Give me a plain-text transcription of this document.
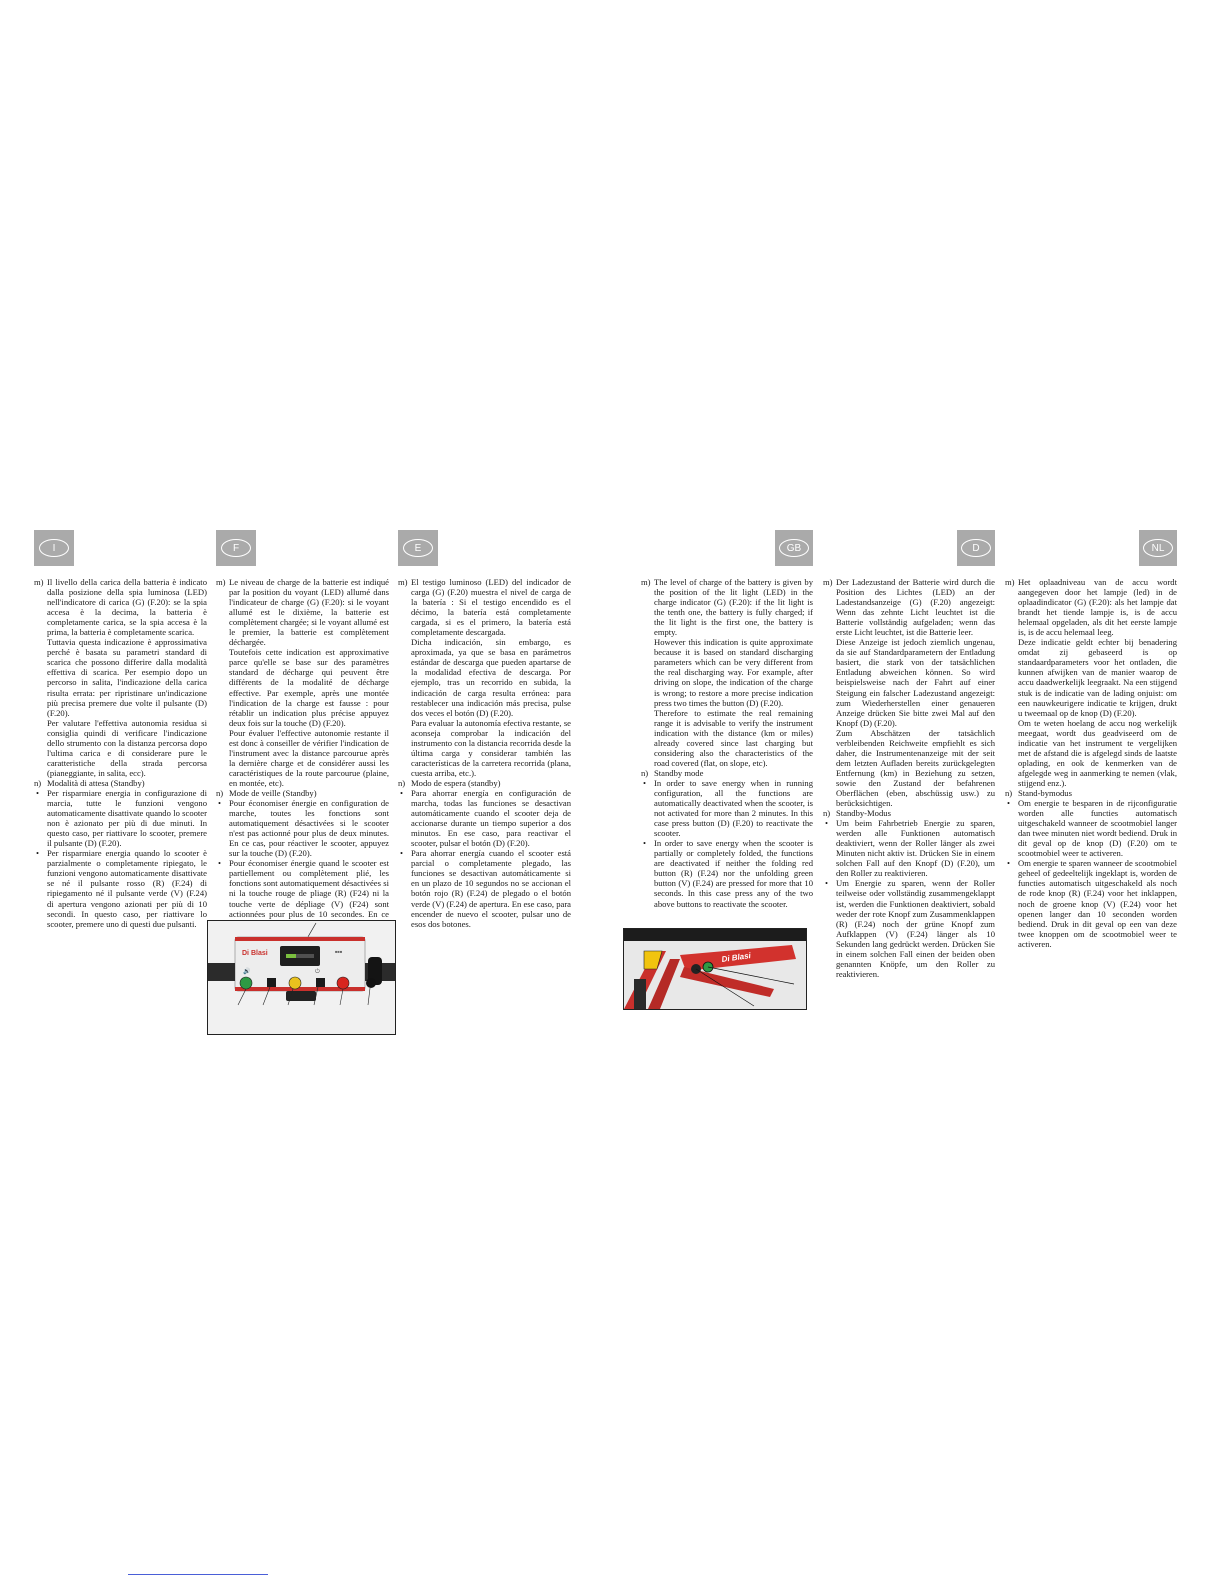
I	F	E	GB	D	NL

m) Il livello della carica della batteria è indicato dalla posizione della spia luminosa (LED) nell'indicatore di carica (G) (F.20): se la spia accesa è la decima, la batteria è completamente carica, se la spia accesa è la prima, la batteria è completamente scarica.

Tuttavia questa indicazione è approssimativa perché è basata su parametri standard di scarica che possono differire dalla modalità effettiva di scarica. Per esempio dopo un percorso in salita, l'indicazione della carica risulta errata: per ripristinare un'indicazione più precisa premere due volte il pulsante (D) (F.20).

Per valutare l'effettiva autonomia residua si consiglia quindi di verificare l'indicazione dello strumento con la distanza percorsa dopo l'ultima carica e di considerare pure le caratteristiche della strada percorsa (pianeggiante, in salita, ecc).

n) Modalità di attesa (Standby)

• Per risparmiare energia in configurazione di marcia, tutte le funzioni vengono automaticamente disattivate quando lo scooter non è azionato per più di due minuti. In questo caso, per riattivare lo scooter, premere il pulsante (D) (F.20).

• Per risparmiare energia quando lo scooter è parzialmente o completamente ripiegato, le funzioni vengono automaticamente disattivate se né il pulsante rosso (R) (F.24) di ripiegamento né il pulsante verde (V) (F.24) di apertura vengono azionati per più di 10 secondi. In questo caso, per riattivare lo scooter, premere uno di questi due pulsanti.

m) Le niveau de charge de la batterie est indiqué par la position du voyant (LED) allumé dans l'indicateur de charge (G) (F.20): si le voyant allumé est le dixième, la batterie est complètement chargée; si le voyant allumé est le premier, la batterie est complètement déchargée.

Toutefois cette indication est approximative parce qu'elle se base sur des paramètres standard de décharge qui peuvent être différents de la modalité de décharge effective. Par exemple, après une montée l'indication de la charge est fausse : pour rétablir un indication plus précise appuyez deux fois sur la touche (D) (F.20).

Pour évaluer l'effective autonomie restante il est donc à conseiller de vérifier l'indication de l'instrument avec la distance parcourue après la dernière charge et de considérer aussi les caractéristiques de la route parcourue (plaine, en montée, etc).

n) Mode de veille (Standby)

• Pour économiser énergie en configuration de marche, toutes les fonctions sont automatiquement désactivées si le scooter n'est pas actionné pour plus de deux minutes. En ce cas, pour réactiver le scooter, appuyez sur la touche (D) (F.20).

• Pour économiser énergie quand le scooter est partiellement ou complètement plié, les fonctions sont automatiquement désactivées si ni la touche rouge de pliage (R) (F24) ni la touche verte de dépliage (V) (F24) sont actionnées pour plus de 10 secondes. En ce

m) El testigo luminoso (LED) del indicador de carga (G) (F.20) muestra el nivel de carga de la batería : Si el testigo encendido es el décimo, la batería está completamente cargada, si es el primero, la batería está completamente descargada.

Dicha indicación, sin embargo, es aproximada, ya que se basa en parámetros estándar de descarga que pueden apartarse de la modalidad efectiva de descarga. Por ejemplo, tras un recorrido en subida, la indicación de carga resulta errónea: para restablecer una indicación más precisa, pulse dos veces el botón (D) (F.20).

Para evaluar la autonomía efectiva restante, se aconseja comprobar la indicación del instrumento con la distancia recorrida desde la última carga y considerar también las características de la carretera recorrida (plana, cuesta arriba, etc.).

n) Modo de espera (standby)

• Para ahorrar energía en configuración de marcha, todas las funciones se desactivan automáticamente cuando el scooter deja de accionarse durante un tiempo superior a dos minutos. En ese caso, para reactivar el scooter, pulsar el botón (D) (F.20).

• Para ahorrar energía cuando el scooter está parcial o completamente plegado, las funciones se desactivan automáticamente si en un plazo de 10 segundos no se accionan el botón rojo (R) (F.24) de plegado o el botón verde (V) (F.24) de apertura. En ese caso, para encender de nuevo el scooter, pulsar uno de esos dos botones.

m) The level of charge of the battery is given by the position of the lit light (LED) in the charge indicator (G) (F.20): if the lit light is the tenth one, the battery is fully charged; if the lit light is the first one, the battery is empty.

However this indication is quite approximate because it is based on standard discharging parameters which can be very different from the real discharging way. For example, after driving on slope, the indication of the charge is wrong; to restore a more precise indication press two times the button (D) (F.20).

Therefore to estimate the real remaining range it is advisable to verify the instrument indication with the distance (km or miles) already covered since last charging but considering also the characteristics of the road covered (flat, on slope, etc).

n) Standby mode

• In order to save energy when in running configuration, all the functions are automatically deactivated when the scooter, is not activated for more than 2 minutes. In this case press button (D) (F.20) to reactivate the scooter.

• In order to save energy when the scooter is partially or completely folded, the functions are deactivated if neither the folding red button (R) (F.24) nor the unfolding green button (V) (F.24) are pressed for more that 10 seconds. In this case press any of the two above buttons to reactivate the scooter.

m) Der Ladezustand der Batterie wird durch die Position des Lichtes (LED) an der Ladestandsanzeige (G) (F.20) angezeigt: Wenn das zehnte Licht leuchtet ist die Batterie vollständig aufgeladen; wenn das erste Licht leuchtet, ist die Batterie leer.

Diese Anzeige ist jedoch ziemlich ungenau, da sie auf Standardparametern der Entladung basiert, die stark von der tatsächlichen Entladung abweichen können. So wird beispielsweise nach der Fahrt auf einer Steigung ein falscher Ladezustand angezeigt: zum Wiederherstellen einer genaueren Anzeige drücken Sie bitte zwei Mal auf den Knopf (D) (F.20).

Zum Abschätzen der tatsächlich verbleibenden Reichweite empfiehlt es sich daher, die Instrumentenanzeige mit der seit dem letzten Aufladen bereits zurückgelegten Entfernung (km) in Beziehung zu setzen, sowie den Zustand der befahrenen Oberflächen (eben, abschüssig usw.) zu berücksichtigen.

n) Standby-Modus

• Um beim Fahrbetrieb Energie zu sparen, werden alle Funktionen automatisch deaktiviert, wenn der Roller länger als zwei Minuten nicht aktiv ist. Drücken Sie in einem solchen Fall auf den Knopf (D) (F.20), um den Roller zu reaktivieren.

• Um Energie zu sparen, wenn der Roller teilweise oder vollständig zusammengeklappt ist, werden die Funktionen deaktiviert, sobald weder der rote Knopf zum Zusammenklappen (R) (F.24) noch der grüne Knopf zum Aufklappen (V) (F.24) länger als 10 Sekunden lang gedrückt werden. Drücken Sie in einem solchen Fall einen der beiden oben genannten Knöpfe, um den Roller zu reaktivieren.

m) Het oplaadniveau van de accu wordt aangegeven door het lampje (led) in de oplaadindicator (G) (F.20): als het lampje dat brandt het tiende lampje is, is de accu helemaal opgeladen, als dit het eerste lampje is, is de accu helemaal leeg.

Deze indicatie geldt echter bij benadering omdat zij gebaseerd is op standaardparameters voor het ontladen, die kunnen afwijken van de manier waarop de accu daadwerkelijk leegraakt. Na een stijgend stuk is de indicatie van de lading onjuist: om een nauwkeurigere indicatie te krijgen, drukt u tweemaal op de knop (D) (F.20).

Om te weten hoelang de accu nog werkelijk meegaat, wordt dus geadviseerd om de indicatie van het instrument te vergelijken met de afstand die is afgelegd sinds de laatste oplading, en ook de kenmerken van de afgelegde weg in aanmerking te nemen (vlak, stijgend enz.).

n) Stand-bymodus

• Om energie te besparen in de rijconfiguratie worden alle functies automatisch uitgeschakeld wanneer de scootmobiel langer dan twee minuten niet wordt bediend. Druk in dit geval op de knop (D) (F.20) om te scootmobiel weer te activeren.

• Om energie te sparen wanneer de scootmobiel geheel of gedeeltelijk ingeklapt is, worden de functies automatisch uitgeschakeld als noch de rode knop (R) (F.24) voor het inklappen, noch de groene knop (V) (F.24) voor het openen langer dan 10 seconden worden bediend. Druk in dit geval op een van deze twee knoppen om de scootmobiel weer te activeren.

Di Blasi	■■■
🔊	⏻
Di Blasi
